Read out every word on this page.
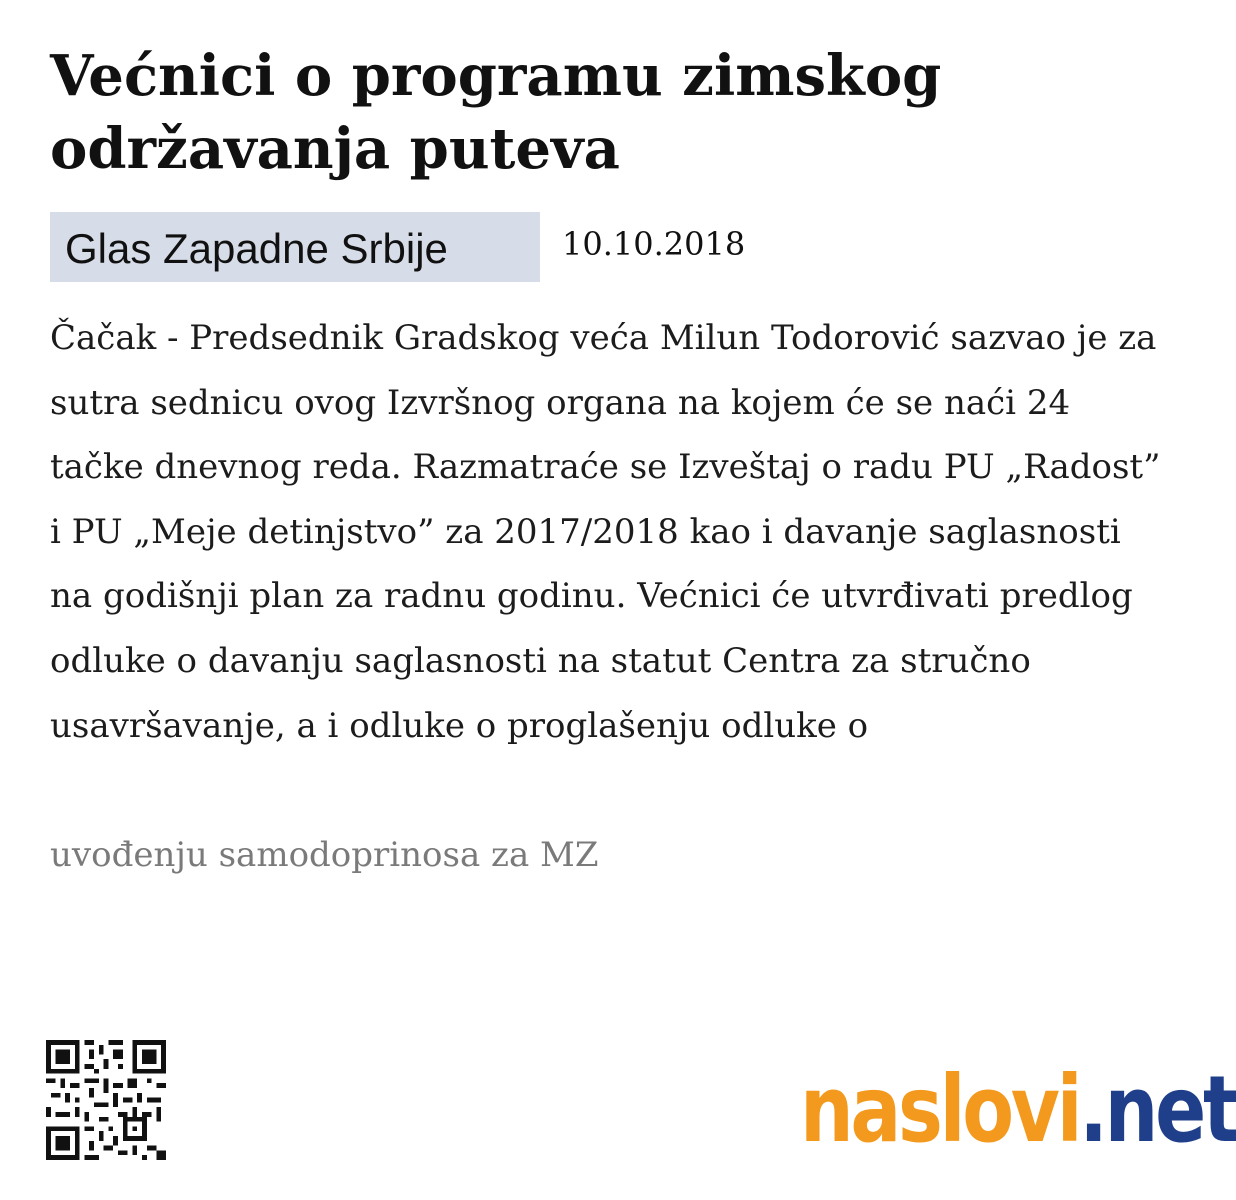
Većnici o programu zimskog održavanja puteva
Glas Zapadne Srbije	10.10.2018

Čačak - Predsednik Gradskog veća Milun Todorović sazvao je za sutra sednicu ovog Izvršnog organa na kojem će se naći 24 tačke dnevnog reda. Razmatraće se Izveštaj o radu PU „Radost” i PU „Meje detinjstvo” za 2017/2018 kao i davanje saglasnosti na godišnji plan za radnu godinu. Većnici će utvrđivati predlog odluke o davanju saglasnosti na statut Centra za stručno usavršavanje, a i odluke o proglašenju odluke o

uvođenju samodoprinosa za MZ

naslovi.net
